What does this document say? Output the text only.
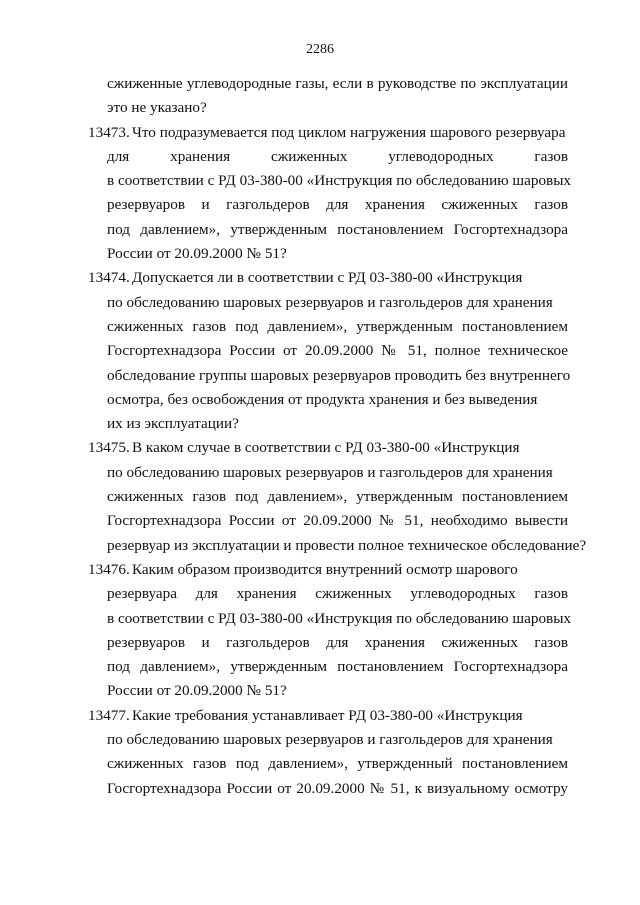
2286
сжиженные углеводородные газы, если в руководстве по эксплуатации
это не указано?
13473. Что подразумевается под циклом нагружения шарового резервуара
для хранения сжиженных углеводородных газов
в соответствии с РД 03-380-00 «Инструкция по обследованию шаровых
резервуаров и газгольдеров для хранения сжиженных газов
под давлением», утвержденным постановлением Госгортехнадзора
России от 20.09.2000 № 51?
13474. Допускается ли в соответствии с РД 03-380-00 «Инструкция
по обследованию шаровых резервуаров и газгольдеров для хранения
сжиженных газов под давлением», утвержденным постановлением
Госгортехнадзора России от 20.09.2000 № 51, полное техническое
обследование группы шаровых резервуаров проводить без внутреннего
осмотра, без освобождения от продукта хранения и без выведения
их из эксплуатации?
13475. В каком случае в соответствии с РД 03-380-00 «Инструкция
по обследованию шаровых резервуаров и газгольдеров для хранения
сжиженных газов под давлением», утвержденным постановлением
Госгортехнадзора России от 20.09.2000 № 51, необходимо вывести
резервуар из эксплуатации и провести полное техническое обследование?
13476. Каким образом производится внутренний осмотр шарового
резервуара для хранения сжиженных углеводородных газов
в соответствии с РД 03-380-00 «Инструкция по обследованию шаровых
резервуаров и газгольдеров для хранения сжиженных газов
под давлением», утвержденным постановлением Госгортехнадзора
России от 20.09.2000 № 51?
13477. Какие требования устанавливает РД 03-380-00 «Инструкция
по обследованию шаровых резервуаров и газгольдеров для хранения
сжиженных газов под давлением», утвержденный постановлением
Госгортехнадзора России от 20.09.2000 № 51, к визуальному осмотру
